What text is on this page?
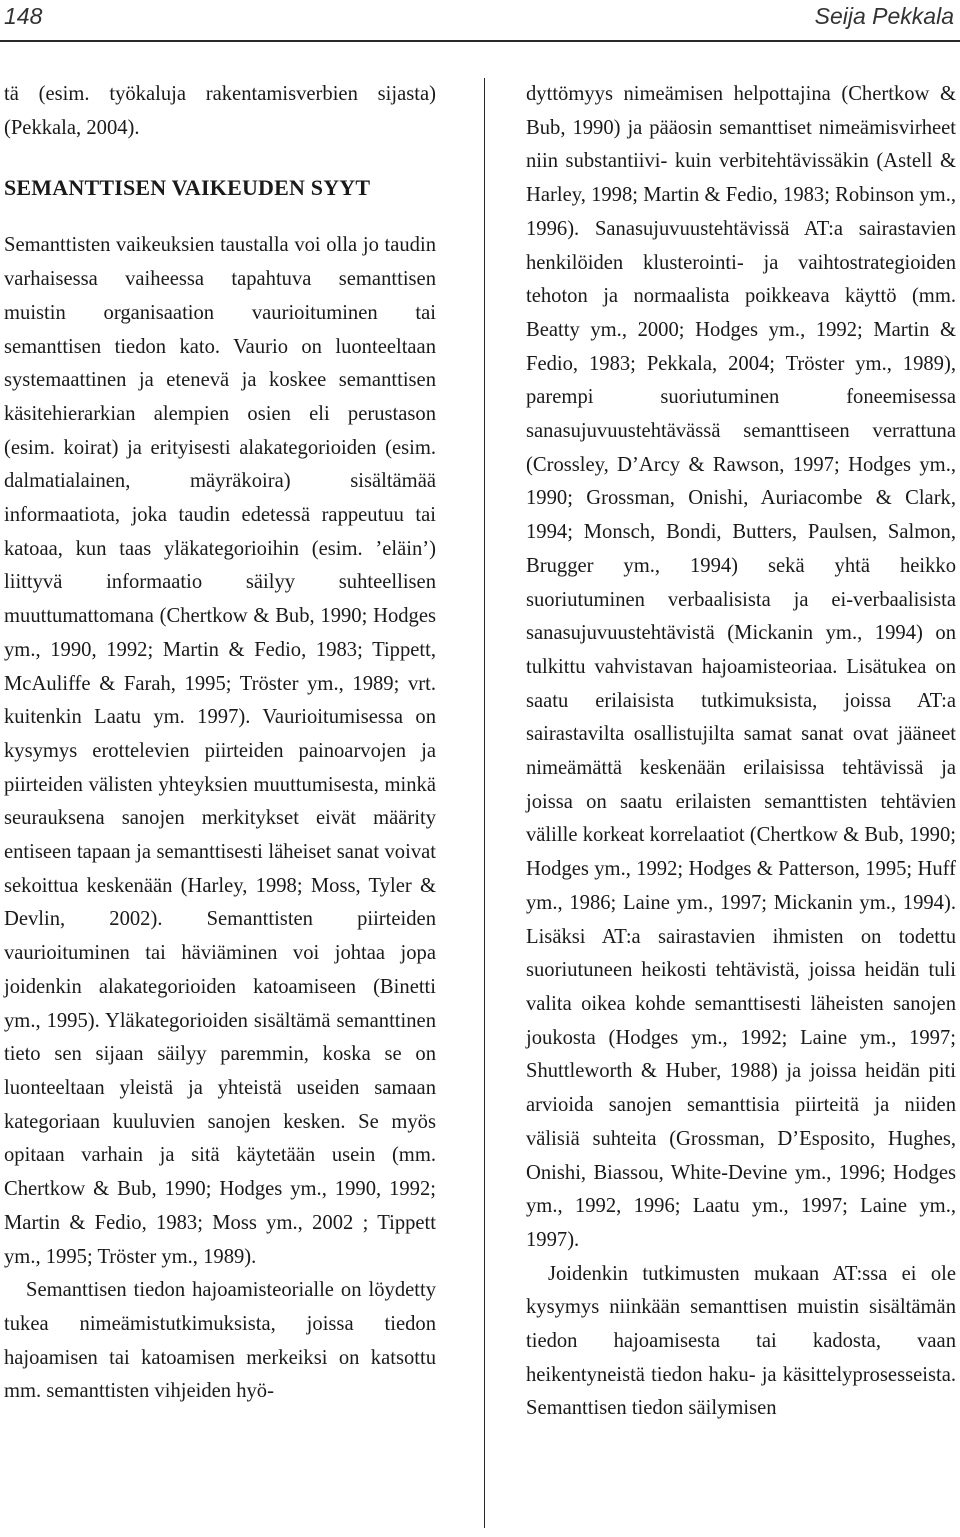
148	Seija Pekkala

tä (esim. työkaluja rakentamisverbien sijasta) (Pekkala, 2004).

SEMANTTISEN VAIKEUDEN SYYT

Semanttisten vaikeuksien taustalla voi olla jo taudin varhaisessa vaiheessa tapahtuva semanttisen muistin organisaation vaurioituminen tai semanttisen tiedon kato. Vaurio on luonteeltaan systemaattinen ja etenevä ja koskee semanttisen käsitehierarkian alempien osien eli perustason (esim. koirat) ja erityisesti alakategorioiden (esim. dalmatialainen, mäyräkoira) sisältämää informaatiota, joka taudin edetessä rappeutuu tai katoaa, kun taas yläkategorioihin (esim. ’eläin’) liittyvä informaatio säilyy suhteellisen muuttumattomana (Chertkow & Bub, 1990; Hodges ym., 1990, 1992; Martin & Fedio, 1983; Tippett, McAuliffe & Farah, 1995; Tröster ym., 1989; vrt. kuitenkin Laatu ym. 1997). Vaurioitumisessa on kysymys erottelevien piirteiden painoarvojen ja piirteiden välisten yhteyksien muuttumisesta, minkä seurauksena sanojen merkitykset eivät määrity entiseen tapaan ja semanttisesti läheiset sanat voivat sekoittua keskenään (Harley, 1998; Moss, Tyler & Devlin, 2002). Semanttisten piirteiden vaurioituminen tai häviäminen voi johtaa jopa joidenkin alakategorioiden katoamiseen (Binetti ym., 1995). Yläkategorioiden sisältämä semanttinen tieto sen sijaan säilyy paremmin, koska se on luonteeltaan yleistä ja yhteistä useiden samaan kategoriaan kuuluvien sanojen kesken. Se myös opitaan varhain ja sitä käytetään usein (mm. Chertkow & Bub, 1990; Hodges ym., 1990, 1992; Martin & Fedio, 1983; Moss ym., 2002 ; Tippett ym., 1995; Tröster ym., 1989).

Semanttisen tiedon hajoamisteorialle on löydetty tukea nimeämistutkimuksista, joissa tiedon hajoamisen tai katoamisen merkeiksi on katsottu mm. semanttisten vihjeiden hyö-

dyttömyys nimeämisen helpottajina (Chertkow & Bub, 1990) ja pääosin semanttiset nimeämisvirheet niin substantiivi- kuin verbitehtävissäkin (Astell & Harley, 1998; Martin & Fedio, 1983; Robinson ym., 1996). Sanasujuvuustehtävissä AT:a sairastavien henkilöiden klusterointi- ja vaihtostrategioiden tehoton ja normaalista poikkeava käyttö (mm. Beatty ym., 2000; Hodges ym., 1992; Martin & Fedio, 1983; Pekkala, 2004; Tröster ym., 1989), parempi suoriutuminen foneemisessa sanasujuvuustehtävässä semanttiseen verrattuna (Crossley, D’Arcy & Rawson, 1997; Hodges ym., 1990; Grossman, Onishi, Auriacombe & Clark, 1994; Monsch, Bondi, Butters, Paulsen, Salmon, Brugger ym., 1994) sekä yhtä heikko suoriutuminen verbaalisista ja ei-verbaalisista sanasujuvuustehtävistä (Mickanin ym., 1994) on tulkittu vahvistavan hajoamisteoriaa. Lisätukea on saatu erilaisista tutkimuksista, joissa AT:a sairastavilta osallistujilta samat sanat ovat jääneet nimeämättä keskenään erilaisissa tehtävissä ja joissa on saatu erilaisten semanttisten tehtävien välille korkeat korrelaatiot (Chertkow & Bub, 1990; Hodges ym., 1992; Hodges & Patterson, 1995; Huff ym., 1986; Laine ym., 1997; Mickanin ym., 1994). Lisäksi AT:a sairastavien ihmisten on todettu suoriutuneen heikosti tehtävistä, joissa heidän tuli valita oikea kohde semanttisesti läheisten sanojen joukosta (Hodges ym., 1992; Laine ym., 1997; Shuttleworth & Huber, 1988) ja joissa heidän piti arvioida sanojen semanttisia piirteitä ja niiden välisiä suhteita (Grossman, D’Esposito, Hughes, Onishi, Biassou, White-Devine ym., 1996; Hodges ym., 1992, 1996; Laatu ym., 1997; Laine ym., 1997).

Joidenkin tutkimusten mukaan AT:ssa ei ole kysymys niinkään semanttisen muistin sisältämän tiedon hajoamisesta tai kadosta, vaan heikentyneistä tiedon haku- ja käsittelyprosesseista. Semanttisen tiedon säilymisen
